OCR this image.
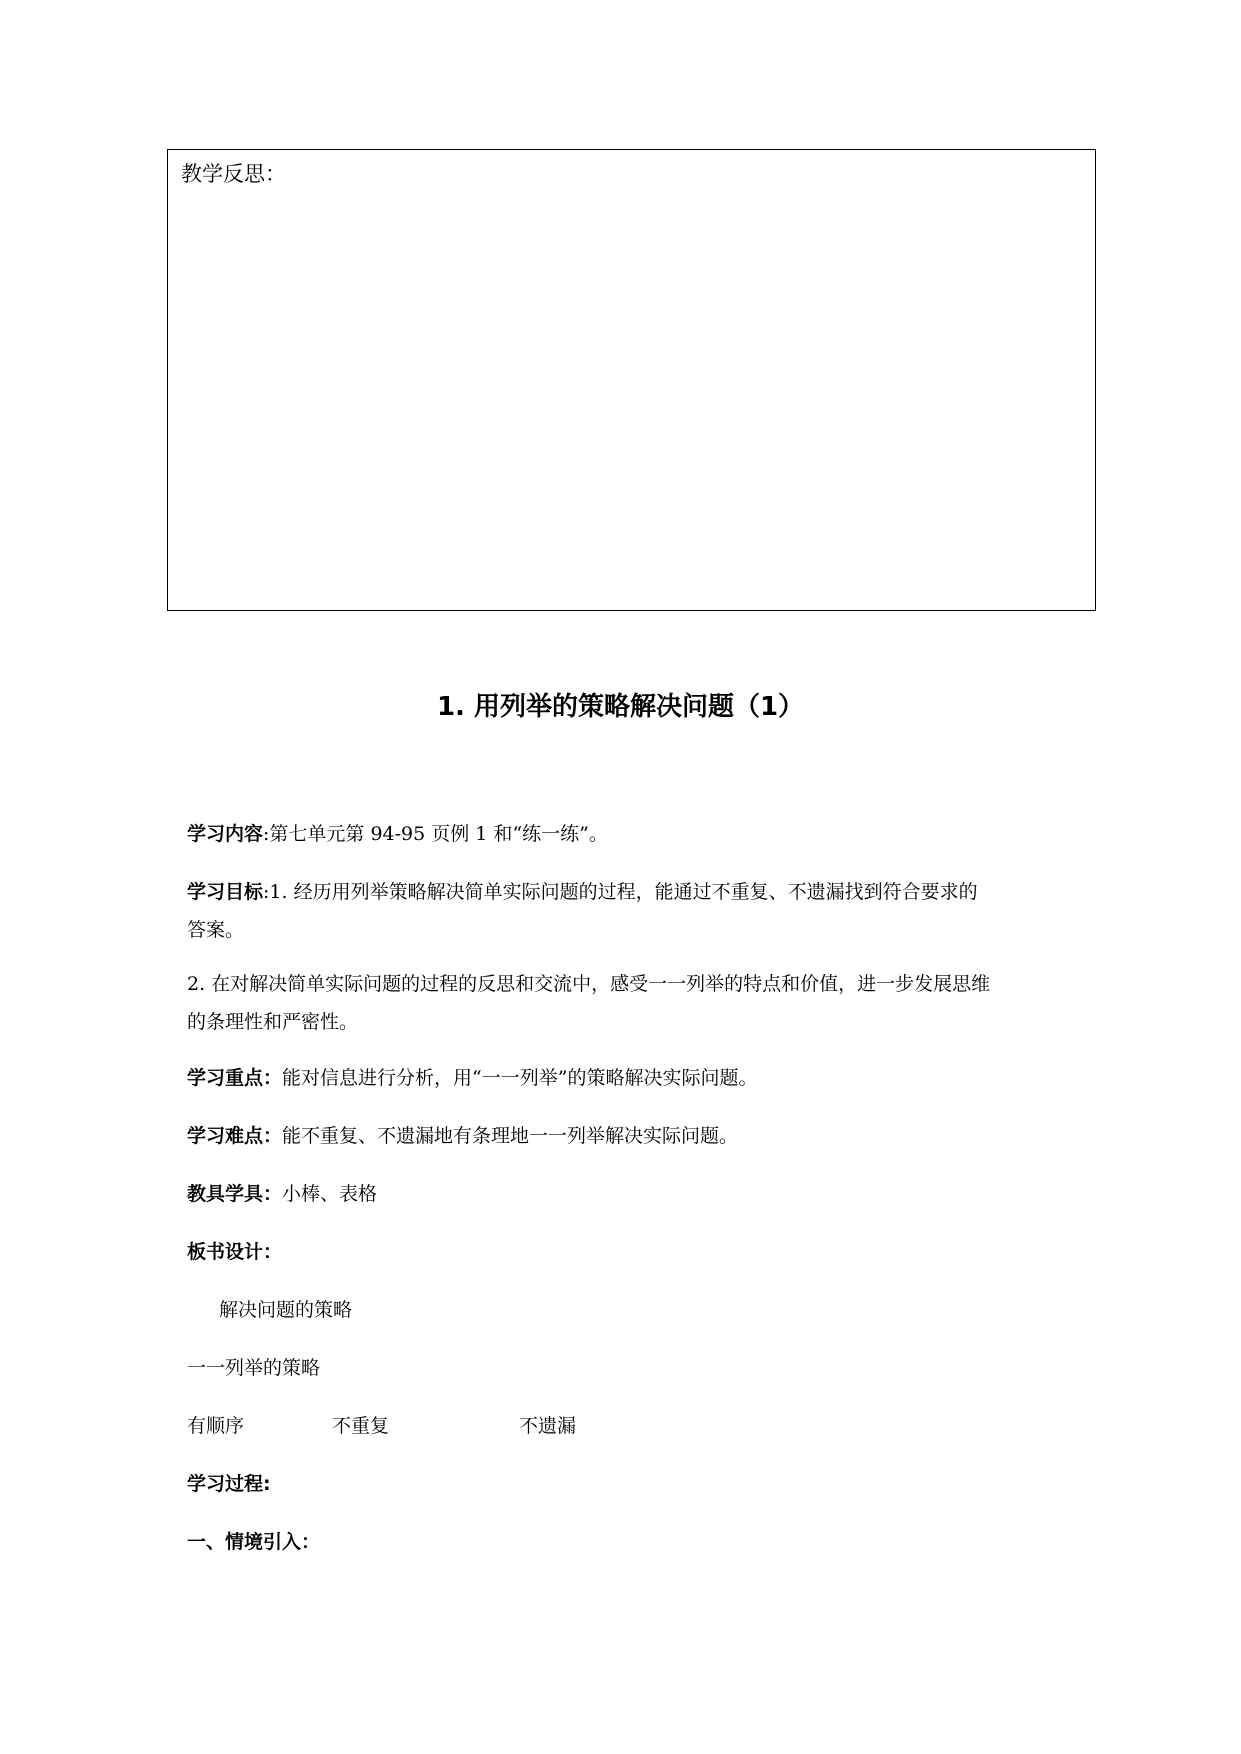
教学反思：
1. 用列举的策略解决问题（1）
学习内容:第七单元第 94-95 页例 1 和“练一练”。
学习目标:1. 经历用列举策略解决简单实际问题的过程，能通过不重复、不遗漏找到符合要求的
答案。
2. 在对解决简单实际问题的过程的反思和交流中，感受一一列举的特点和价值，进一步发展思维
的条理性和严密性。
学习重点：能对信息进行分析，用“一一列举”的策略解决实际问题。
学习难点：能不重复、不遗漏地有条理地一一列举解决实际问题。
教具学具：小棒、表格
板书设计：
解决问题的策略
一一列举的策略
有顺序	不重复	不遗漏
学习过程:
一、情境引入：
